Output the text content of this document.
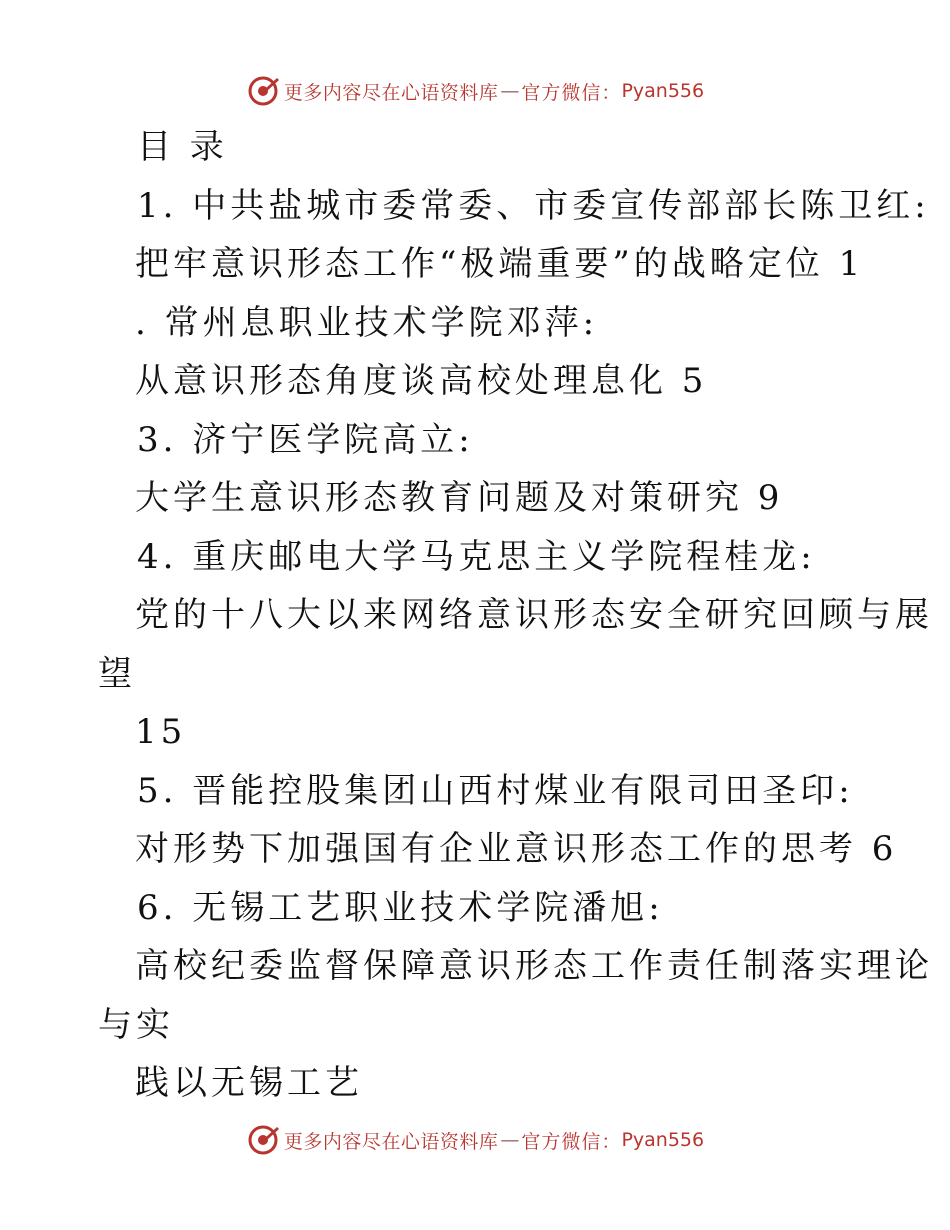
更多内容尽在心语资料库 — 官方微信： Pyan556
目 录
1. 中共盐城市委常委、市委宣传部部长陈卫红:
把牢意识形态工作“极端重要”的战略定位 1
. 常州息职业技术学院邓萍:
从意识形态角度谈高校处理息化 5
3. 济宁医学院高立:
大学生意识形态教育问题及对策研究 9
4. 重庆邮电大学马克思主义学院程桂龙:
党的十八大以来网络意识形态安全研究回顾与展
望
15
5. 晋能控股集团山西村煤业有限司田圣印:
对形势下加强国有企业意识形态工作的思考 6
6. 无锡工艺职业技术学院潘旭:
高校纪委监督保障意识形态工作责任制落实理论
与实
践以无锡工艺
更多内容尽在心语资料库 — 官方微信： Pyan556
